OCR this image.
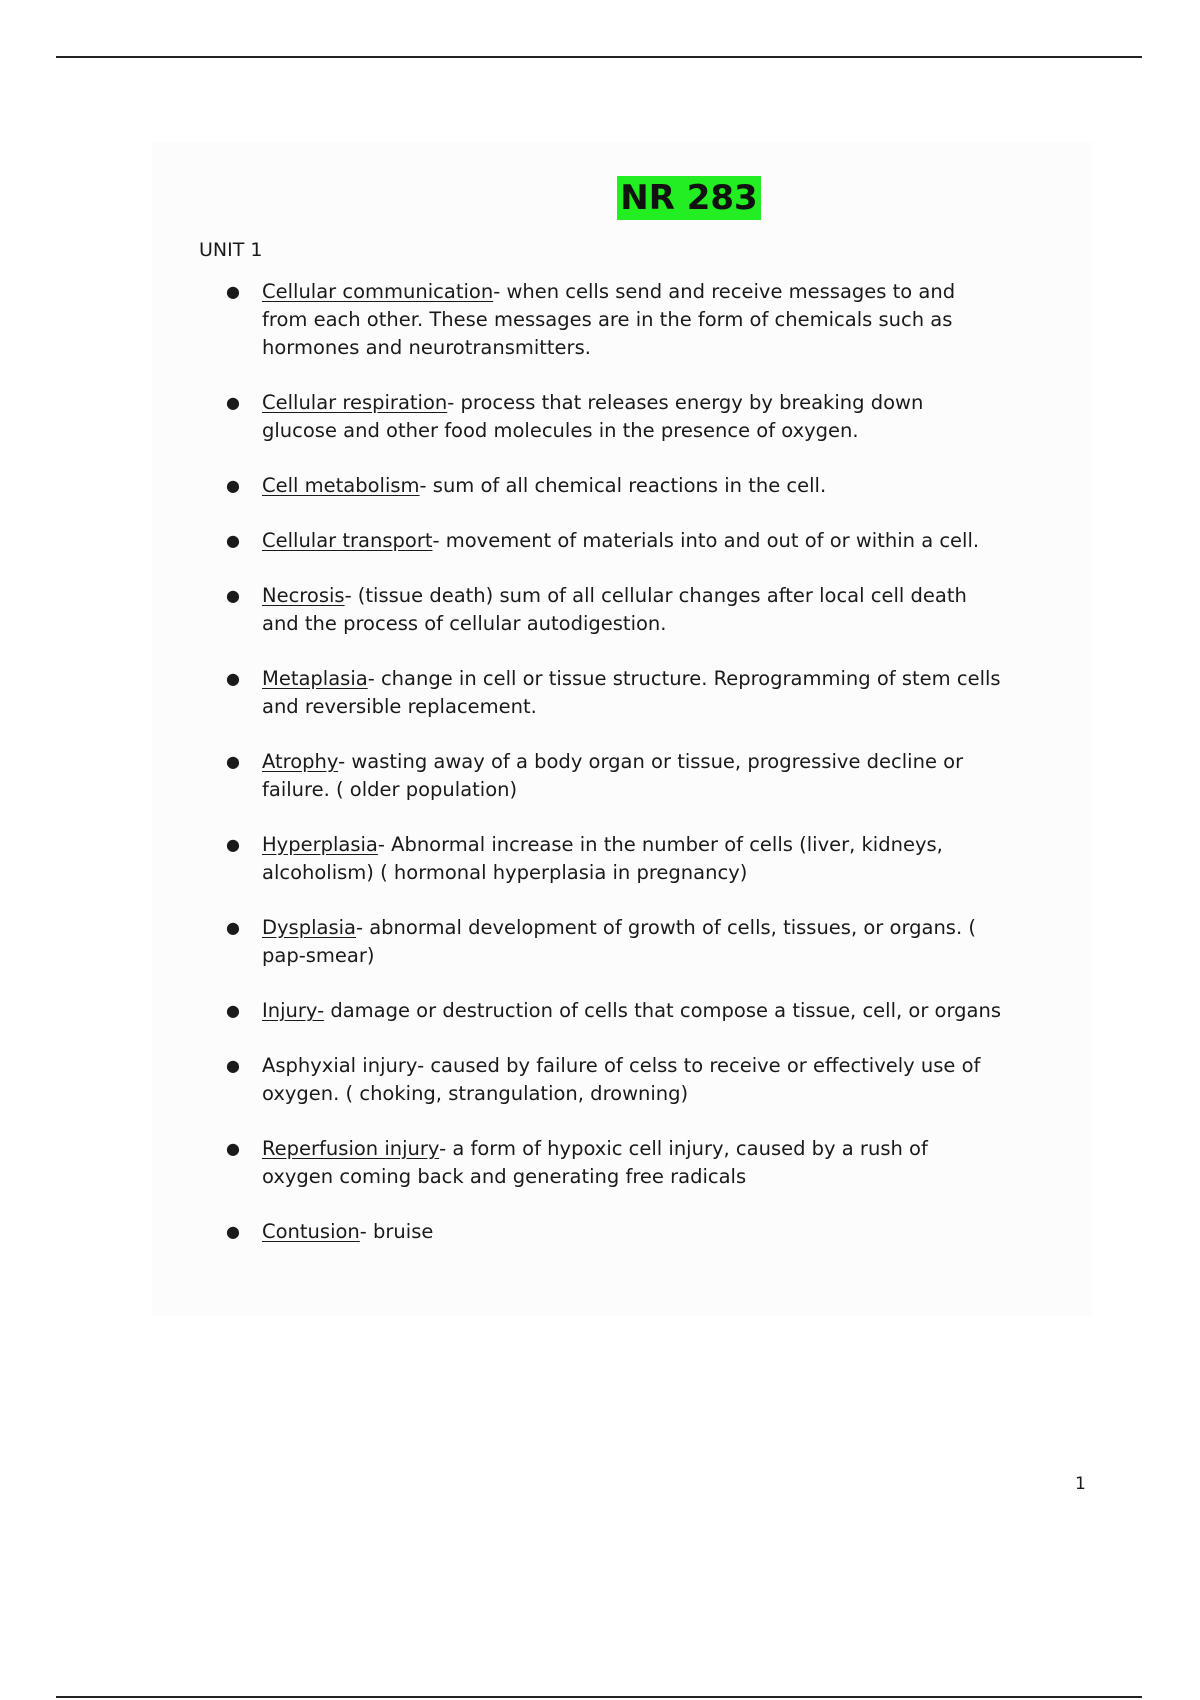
NR 283
UNIT 1
● Cellular communication- when cells send and receive messages to and from each other. These messages are in the form of chemicals such as hormones and neurotransmitters.
● Cellular respiration- process that releases energy by breaking down glucose and other food molecules in the presence of oxygen.
● Cell metabolism- sum of all chemical reactions in the cell.
● Cellular transport- movement of materials into and out of or within a cell.
● Necrosis- (tissue death) sum of all cellular changes after local cell death and the process of cellular autodigestion.
● Metaplasia- change in cell or tissue structure. Reprogramming of stem cells and reversible replacement.
● Atrophy- wasting away of a body organ or tissue, progressive decline or failure. ( older population)
● Hyperplasia- Abnormal increase in the number of cells (liver, kidneys, alcoholism) ( hormonal hyperplasia in pregnancy)
● Dysplasia- abnormal development of growth of cells, tissues, or organs. ( pap-smear)
● Injury- damage or destruction of cells that compose a tissue, cell, or organs
● Asphyxial injury- caused by failure of celss to receive or effectively use of oxygen. ( choking, strangulation, drowning)
● Reperfusion injury- a form of hypoxic cell injury, caused by a rush of oxygen coming back and generating free radicals
● Contusion- bruise
1
